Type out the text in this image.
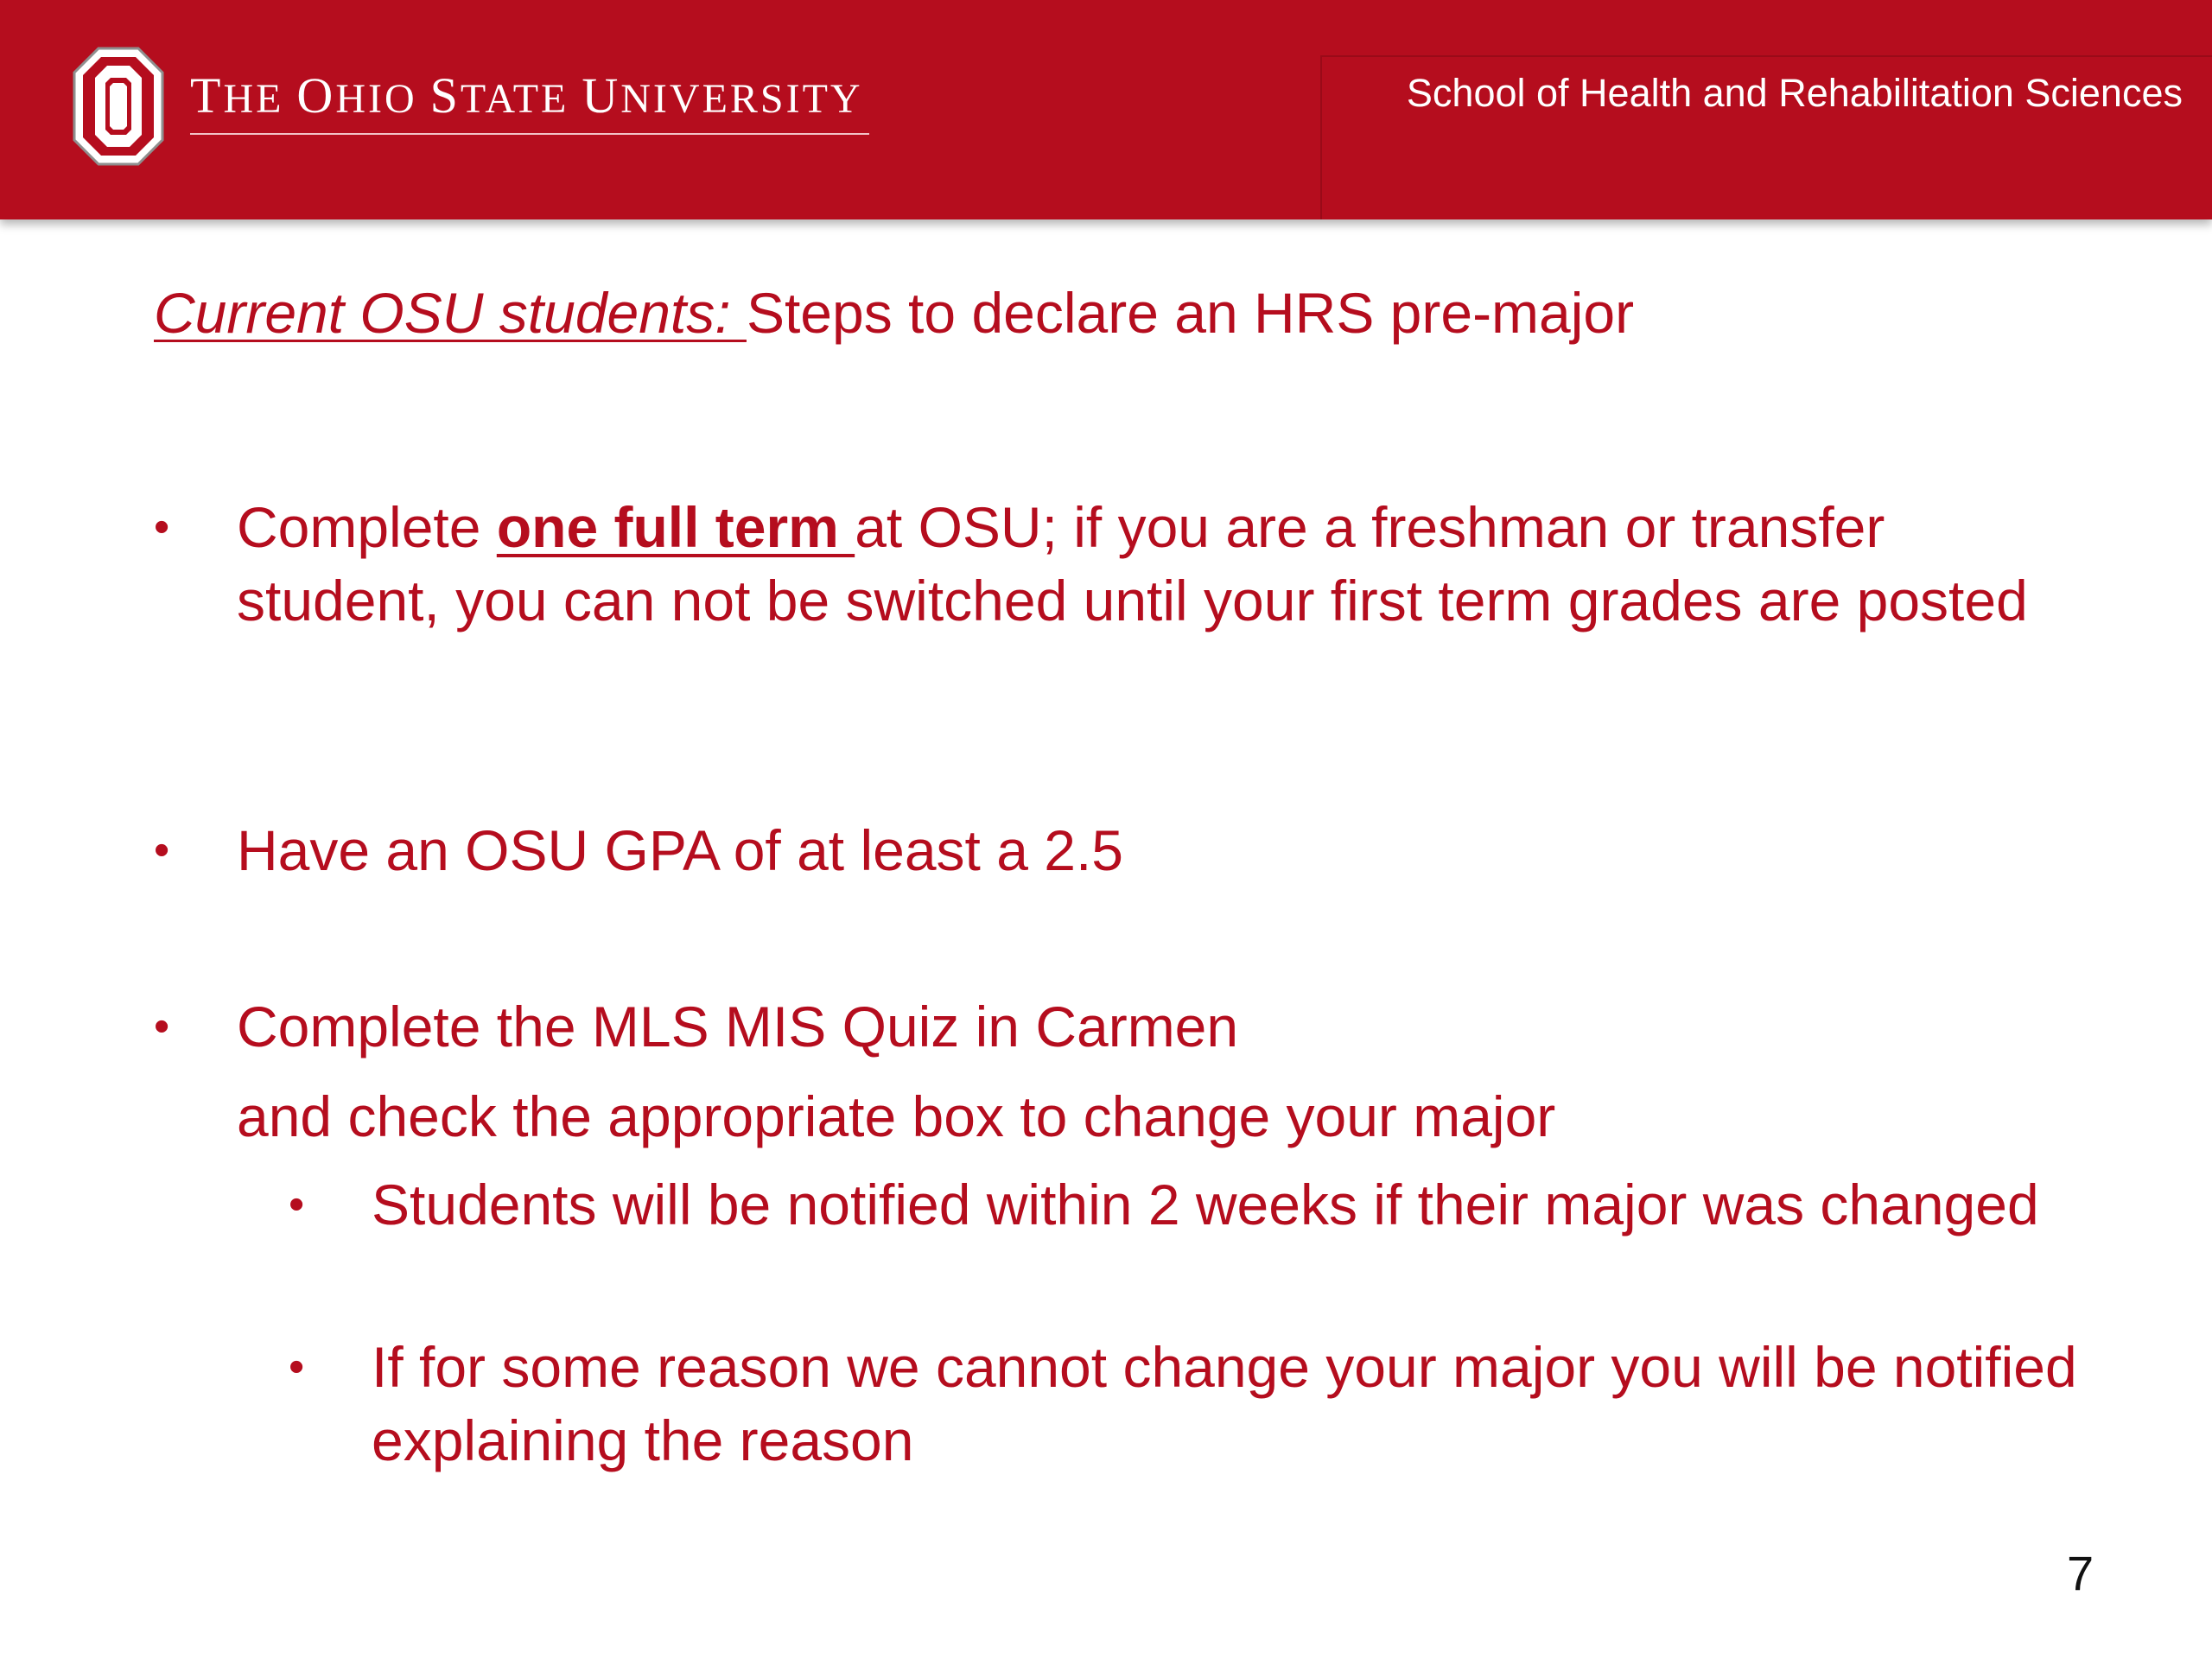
THE OHIO STATE UNIVERSITY	School of Health and Rehabilitation Sciences
Current OSU students: Steps to declare an HRS pre-major
•	Complete one full term at OSU; if you are a freshman or transfer student, you can not be switched until your first term grades are posted
•	Have an OSU GPA of at least a 2.5
•	Complete the MLS MIS Quiz in Carmen
and check the appropriate box to change your major
•	Students will be notified within 2 weeks if their major was changed
•	If for some reason we cannot change your major you will be notified explaining the reason
7
